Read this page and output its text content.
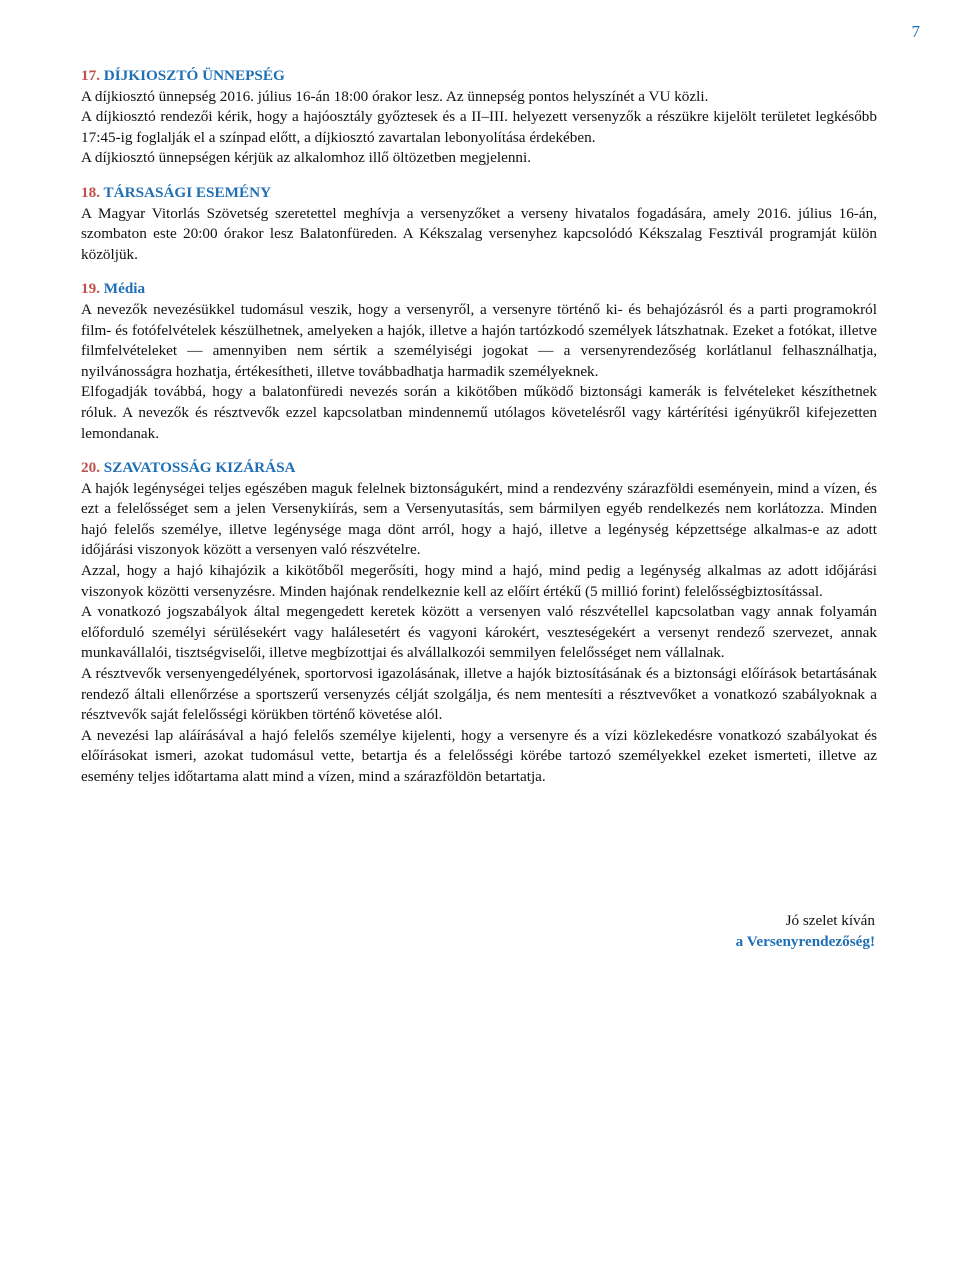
7
17. DÍJKIOSZTÓ ÜNNEPSÉG

A díjkiosztó ünnepség 2016. július 16-án 18:00 órakor lesz. Az ünnepség pontos helyszínét a VU közli.

A díjkiosztó rendezői kérik, hogy a hajóosztály győztesek és a II–III. helyezett versenyzők a részükre kijelölt területet legkésőbb 17:45-ig foglalják el a színpad előtt, a díjkiosztó zavartalan lebonyolítása érdekében.

A díjkiosztó ünnepségen kérjük az alkalomhoz illő öltözetben megjelenni.

18. TÁRSASÁGI ESEMÉNY

A Magyar Vitorlás Szövetség szeretettel meghívja a versenyzőket a verseny hivatalos fogadására, amely 2016. július 16-án, szombaton este 20:00 órakor lesz Balatonfüreden. A Kékszalag versenyhez kapcsolódó Kékszalag Fesztivál programját külön közöljük.

19. Média

A nevezők nevezésükkel tudomásul veszik, hogy a versenyről, a versenyre történő ki- és behajózásról és a parti programokról film- és fotófelvételek készülhetnek, amelyeken a hajók, illetve a hajón tartózkodó személyek látszhatnak. Ezeket a fotókat, illetve filmfelvételeket — amennyiben nem sértik a személyiségi jogokat — a versenyrendezőség korlátlanul felhasználhatja, nyilvánosságra hozhatja, értékesítheti, illetve továbbadhatja harmadik személyeknek.

Elfogadják továbbá, hogy a balatonfüredi nevezés során a kikötőben működő biztonsági kamerák is felvételeket készíthetnek róluk. A nevezők és résztvevők ezzel kapcsolatban mindennemű utólagos követelésről vagy kártérítési igényükről kifejezetten lemondanak.

20. SZAVATOSSÁG KIZÁRÁSA

A hajók legénységei teljes egészében maguk felelnek biztonságukért, mind a rendezvény szárazföldi eseményein, mind a vízen, és ezt a felelősséget sem a jelen Versenykiírás, sem a Versenyutasítás, sem bármilyen egyéb rendelkezés nem korlátozza. Minden hajó felelős személye, illetve legénysége maga dönt arról, hogy a hajó, illetve a legénység képzettsége alkalmas-e az adott időjárási viszonyok között a versenyen való részvételre.

Azzal, hogy a hajó kihajózik a kikötőből megerősíti, hogy mind a hajó, mind pedig a legénység alkalmas az adott időjárási viszonyok közötti versenyzésre. Minden hajónak rendelkeznie kell az előírt értékű (5 millió forint) felelősségbiztosítással.

A vonatkozó jogszabályok által megengedett keretek között a versenyen való részvétellel kapcsolatban vagy annak folyamán előforduló személyi sérülésekért vagy halálesetért és vagyoni károkért, veszteségekért a versenyt rendező szervezet, annak munkavállalói, tisztségviselői, illetve megbízottjai és alvállalkozói semmilyen felelősséget nem vállalnak.

A résztvevők versenyengedélyének, sportorvosi igazolásának, illetve a hajók biztosításának és a biztonsági előírások betartásának rendező általi ellenőrzése a sportszerű versenyzés célját szolgálja, és nem mentesíti a résztvevőket a vonatkozó szabályoknak a résztvevők saját felelősségi körükben történő követése alól.

A nevezési lap aláírásával a hajó felelős személye kijelenti, hogy a versenyre és a vízi közlekedésre vonatkozó szabályokat és előírásokat ismeri, azokat tudomásul vette, betartja és a felelősségi körébe tartozó személyekkel ezeket ismerteti, illetve az esemény teljes időtartama alatt mind a vízen, mind a szárazföldön betartatja.

Jó szelet kíván
a Versenyrendezőség!
